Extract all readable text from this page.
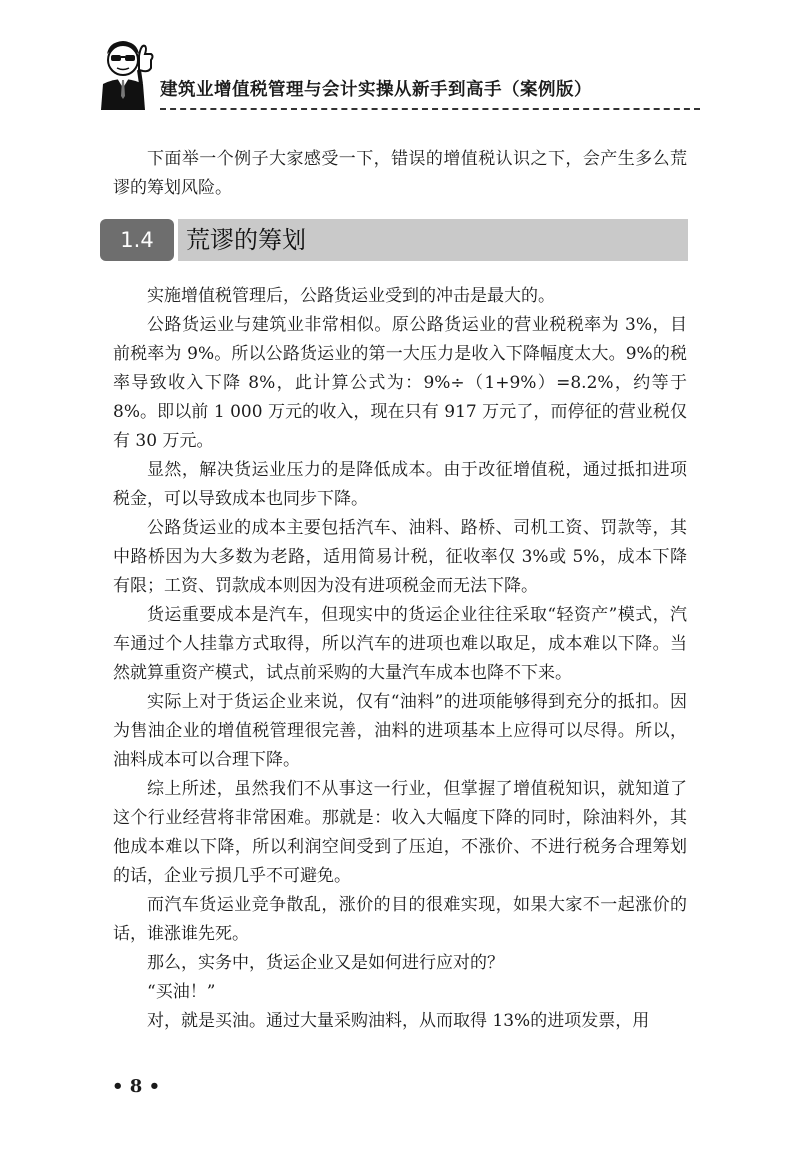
建筑业增值税管理与会计实操从新手到高手（案例版）

下面举一个例子大家感受一下，错误的增值税认识之下，会产生多么荒谬的筹划风险。

1.4	荒谬的筹划

实施增值税管理后，公路货运业受到的冲击是最大的。

公路货运业与建筑业非常相似。原公路货运业的营业税税率为 3%，目前税率为 9%。所以公路货运业的第一大压力是收入下降幅度太大。9%的税率导致收入下降 8%，此计算公式为：9%÷（1+9%）=8.2%，约等于 8%。即以前 1 000 万元的收入，现在只有 917 万元了，而停征的营业税仅有 30 万元。

显然，解决货运业压力的是降低成本。由于改征增值税，通过抵扣进项税金，可以导致成本也同步下降。

公路货运业的成本主要包括汽车、油料、路桥、司机工资、罚款等，其中路桥因为大多数为老路，适用简易计税，征收率仅 3%或 5%，成本下降有限；工资、罚款成本则因为没有进项税金而无法下降。

货运重要成本是汽车，但现实中的货运企业往往采取“轻资产”模式，汽车通过个人挂靠方式取得，所以汽车的进项也难以取足，成本难以下降。当然就算重资产模式，试点前采购的大量汽车成本也降不下来。

实际上对于货运企业来说，仅有“油料”的进项能够得到充分的抵扣。因为售油企业的增值税管理很完善，油料的进项基本上应得可以尽得。所以，油料成本可以合理下降。

综上所述，虽然我们不从事这一行业，但掌握了增值税知识，就知道了这个行业经营将非常困难。那就是：收入大幅度下降的同时，除油料外，其他成本难以下降，所以利润空间受到了压迫，不涨价、不进行税务合理筹划的话，企业亏损几乎不可避免。

而汽车货运业竞争散乱，涨价的目的很难实现，如果大家不一起涨价的话，谁涨谁先死。

那么，实务中，货运企业又是如何进行应对的？

“买油！”

对，就是买油。通过大量采购油料，从而取得 13%的进项发票，用

• 8 •
